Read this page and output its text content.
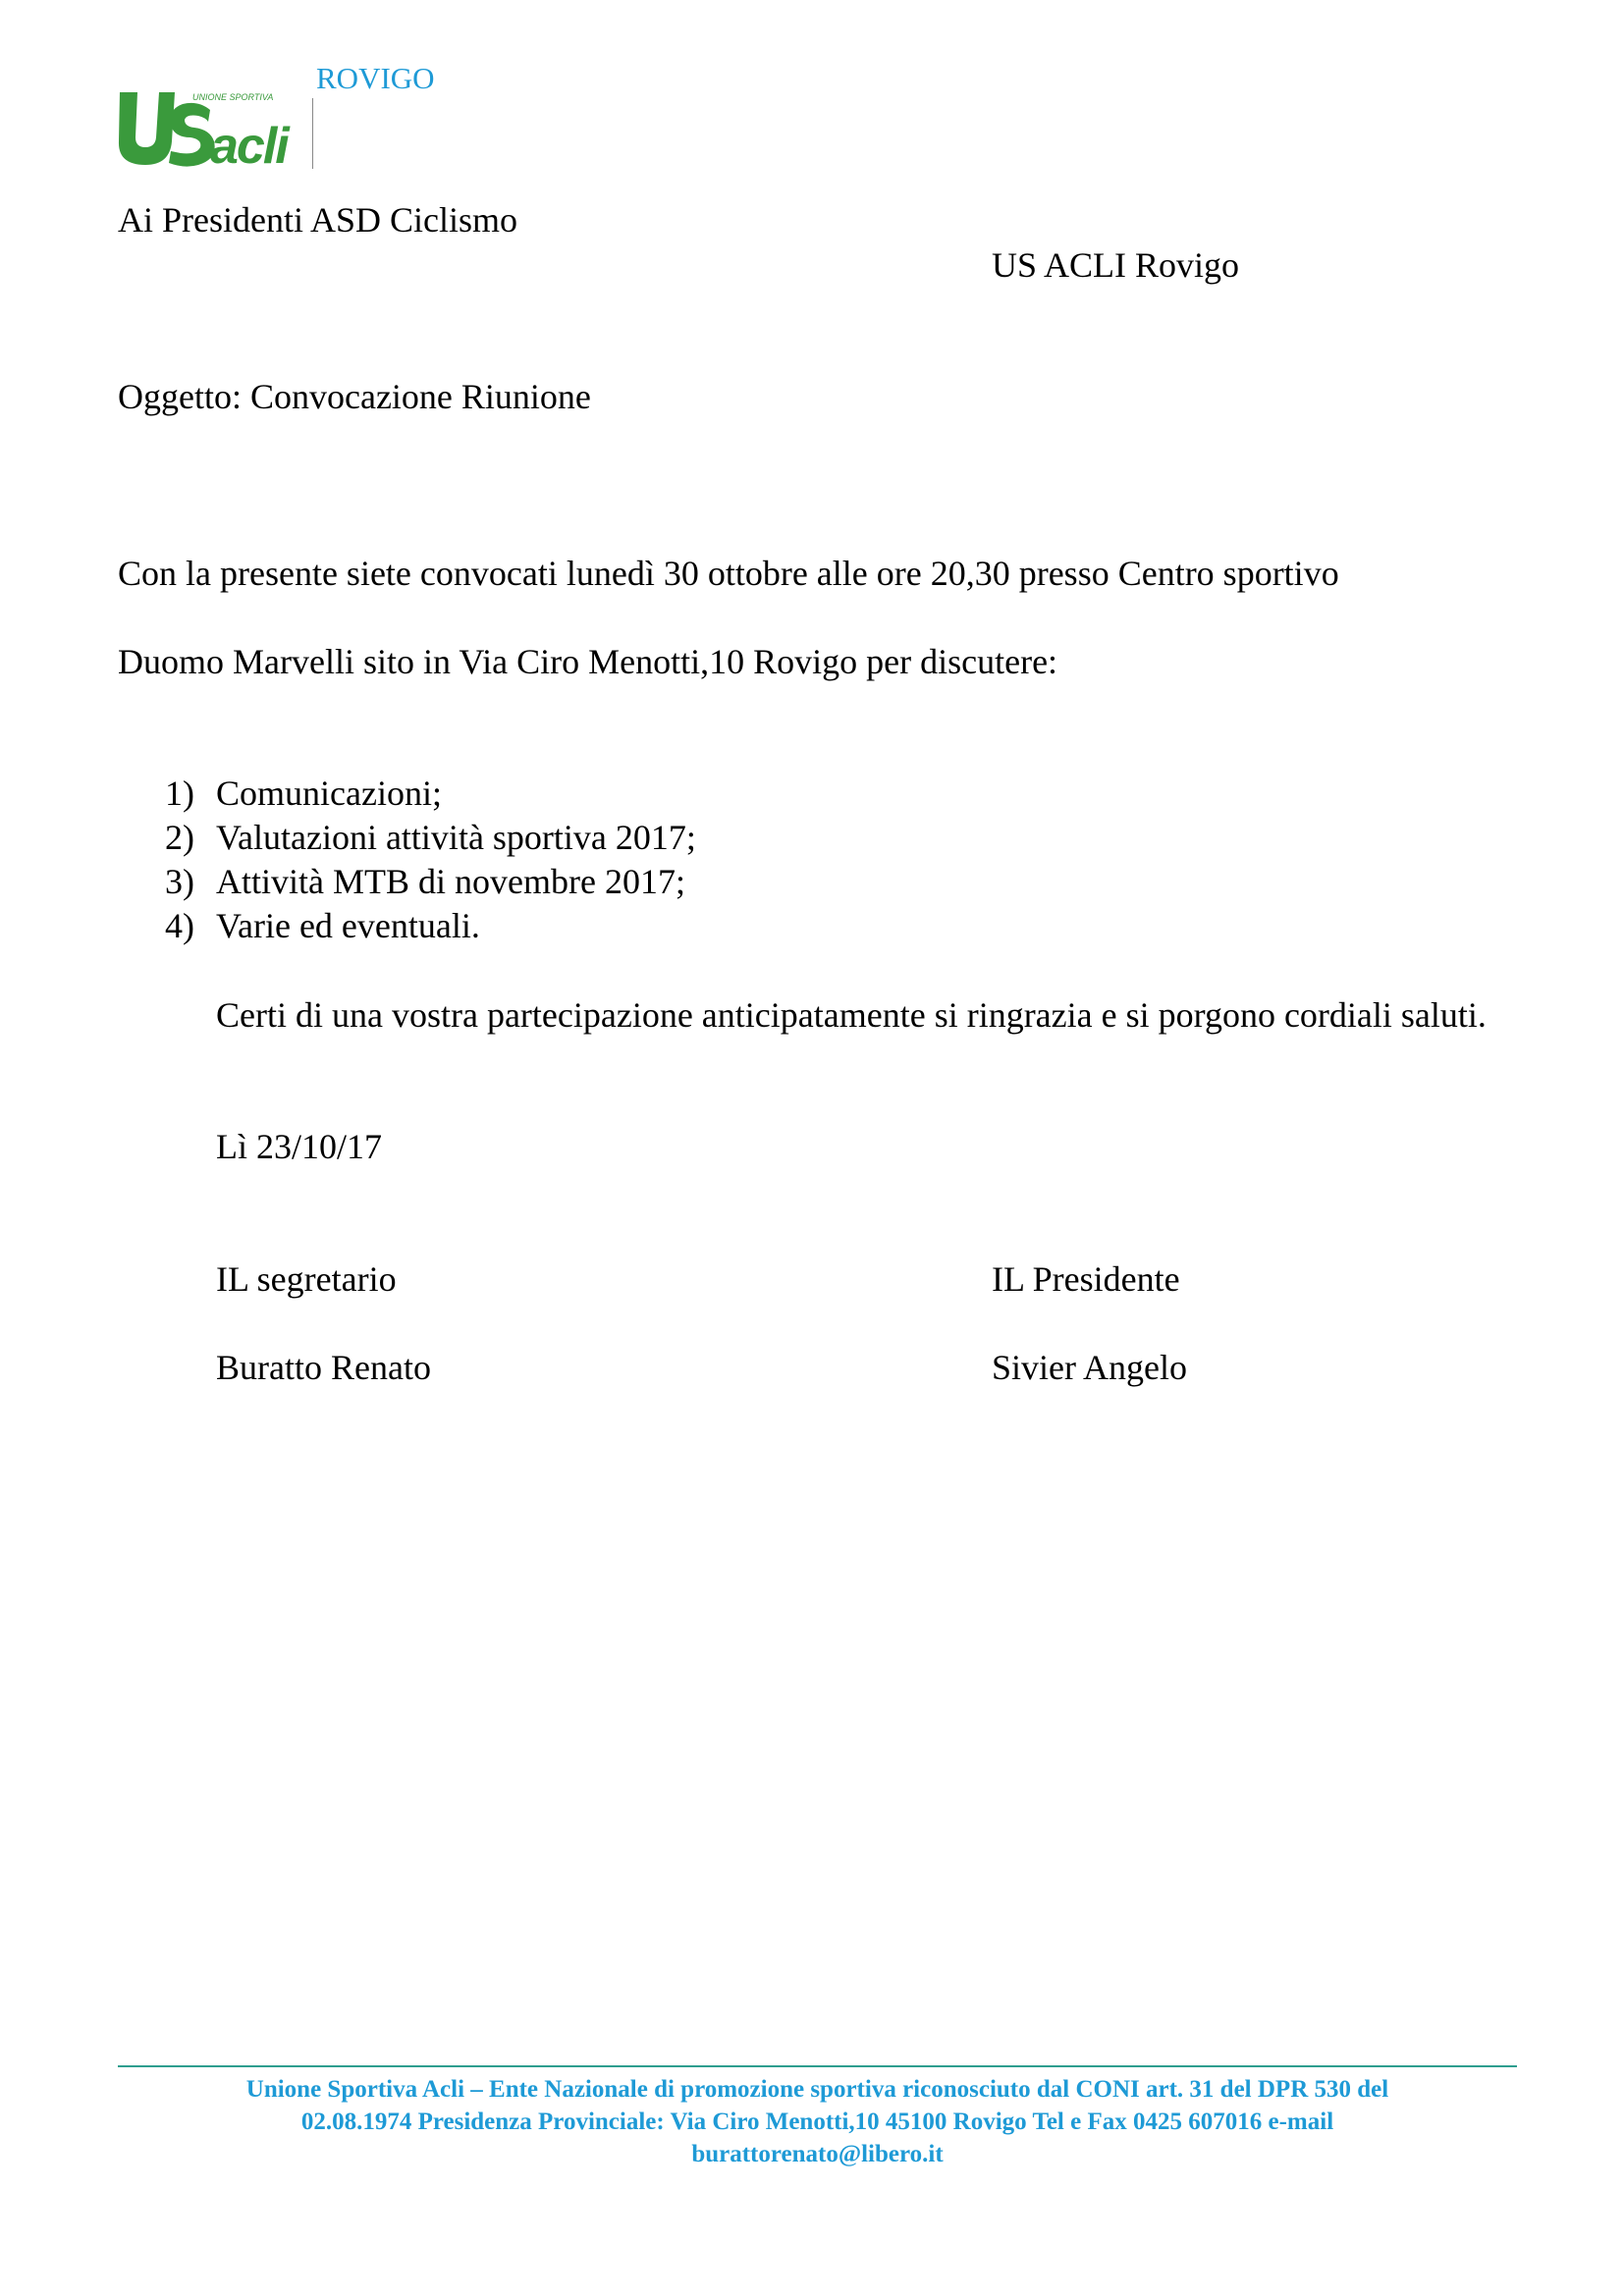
UNIONE SPORTIVA
acli
ROVIGO
Ai Presidenti ASD Ciclismo
US ACLI Rovigo
Oggetto: Convocazione Riunione
Con la presente siete convocati lunedì 30 ottobre alle ore 20,30 presso Centro sportivo
Duomo Marvelli sito in Via Ciro Menotti,10 Rovigo per discutere:
1) Comunicazioni;
2) Valutazioni attività sportiva 2017;
3) Attività MTB di novembre 2017;
4) Varie ed eventuali.
Certi di una vostra partecipazione anticipatamente si ringrazia e si porgono cordiali saluti.
Lì 23/10/17
IL segretario	IL Presidente
Buratto Renato	Sivier Angelo
Unione Sportiva Acli – Ente Nazionale di promozione sportiva riconosciuto dal CONI art. 31 del DPR 530 del
02.08.1974 Presidenza Provinciale: Via Ciro Menotti,10 45100 Rovigo Tel e Fax 0425 607016 e-mail
burattorenato@libero.it
